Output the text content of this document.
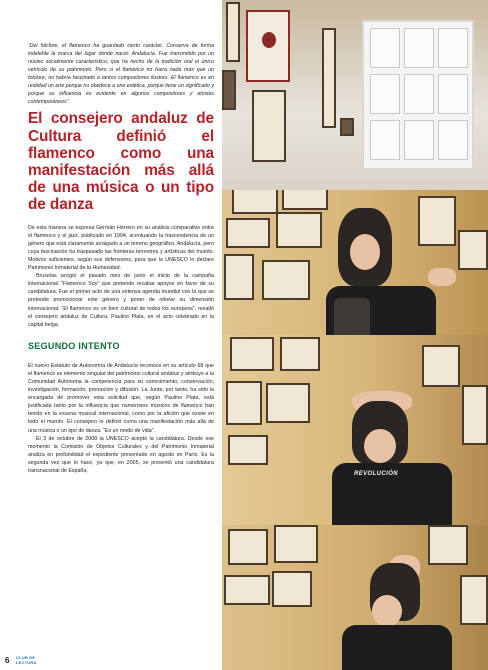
“Del folclore, el flamenco ha guardado cierto carácter. Conserva de forma indeleble la marca del lugar donde nació: Andalucía. Fue transmitido por un núcleo socialmente característico, que ha hecho de la tradición oral el único vehículo de su patrimonio. Pero si el flamenco no fuera nada más que un folclore, no habría fascinado a tantos compositores ilustres. El flamenco es en realidad un arte porque no obedece a una estética, porque tiene un significado y porque su influencia es evidente en algunos compositores y artistas contemporáneos”.

El consejero andaluz de Cultura definió el flamenco como una manifestación más allá de una música o un tipo de danza

De esta manera se expresa Germán Herrero en su análisis comparativo entre el flamenco y el jazz, publicado en 1994, acentuando la trascendencia de un género que está claramente arraigado a un terreno geográfico, Andalucía, pero cuya fascinación ha traspasado las fronteras terrestres y artísticas del mundo. Motivos suficientes, según sus defensores, para que la UNESCO lo declare Patrimonio Inmaterial de la Humanidad.

Bruselas acogió el pasado mes de junio el inicio de la campaña internacional “Flamenco Soy” que pretende recabar apoyos en favor de su candidatura. Fue el primer acto de una extensa agenda mundial con la que se pretende promocionar este género y poner de relieve su dimensión internacional. “El flamenco es un bien cultural de todos los europeos”, resaltó el consejero andaluz de Cultura, Paulino Plata, en el acto celebrado en la capital belga.

SEGUNDO INTENTO

El nuevo Estatuto de Autonomía de Andalucía reconoce en su artículo 68 que el flamenco es elemento singular del patrimonio cultural andaluz y atribuye a la Comunidad Autónoma la competencia para su conocimiento, conservación, investigación, formación, promoción y difusión. La Junta, por tanto, ha sido la encargada de promover esta solicitud que, según Paulino Plata, está justificada tanto por la influencia que numerosos músicos de flamenco han tenido en la escena musical internacional, como por la afición que existe en todo el mundo. El consejero lo definió como una manifestación más allá de una música o un tipo de danza. “Es un modo de vida”.

El 3 de octubre de 2008 la UNESCO aceptó la candidatura. Desde ese momento la Comisión de Objetos Culturales y del Patrimonio Inmaterial analiza en profundidad el expediente presentado en agosto en París. Es la segunda vez que lo hace, ya que, en 2005, se presentó una candidatura transnacional de España,

6 CLUB DE
LECTURA
REVOLUCIÓN
